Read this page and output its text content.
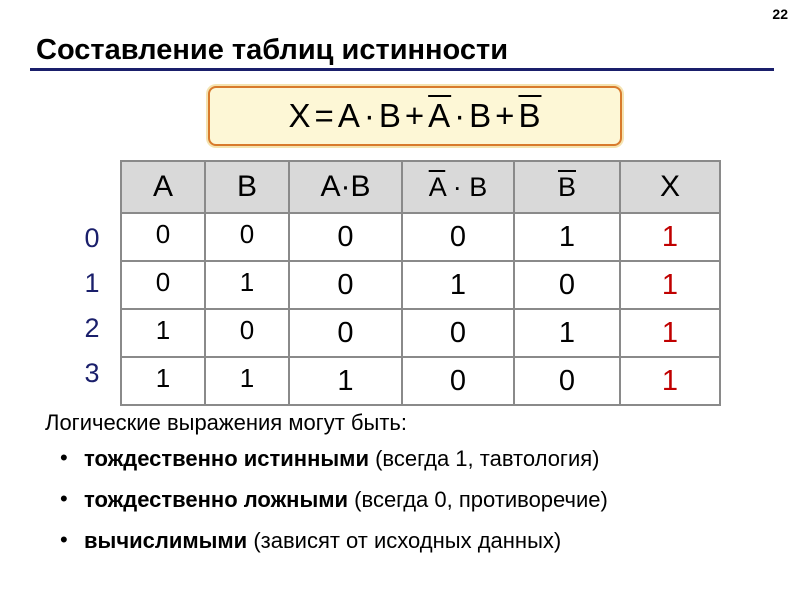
22
Составление таблиц истинности
$X = A \cdot B + \overline{A} \cdot B + \overline{B}$
0
1
2
3
A	B	A·B	$\overline{A} \cdot B$	$\overline{B}$	X
0	0	0	0	1	1
0	1	0	1	0	1
1	0	0	0	1	1
1	1	1	0	0	1
Логические выражения могут быть:
• тождественно истинными (всегда 1, тавтология)
• тождественно ложными (всегда 0, противоречие)
• вычислимыми (зависят от исходных данных)
